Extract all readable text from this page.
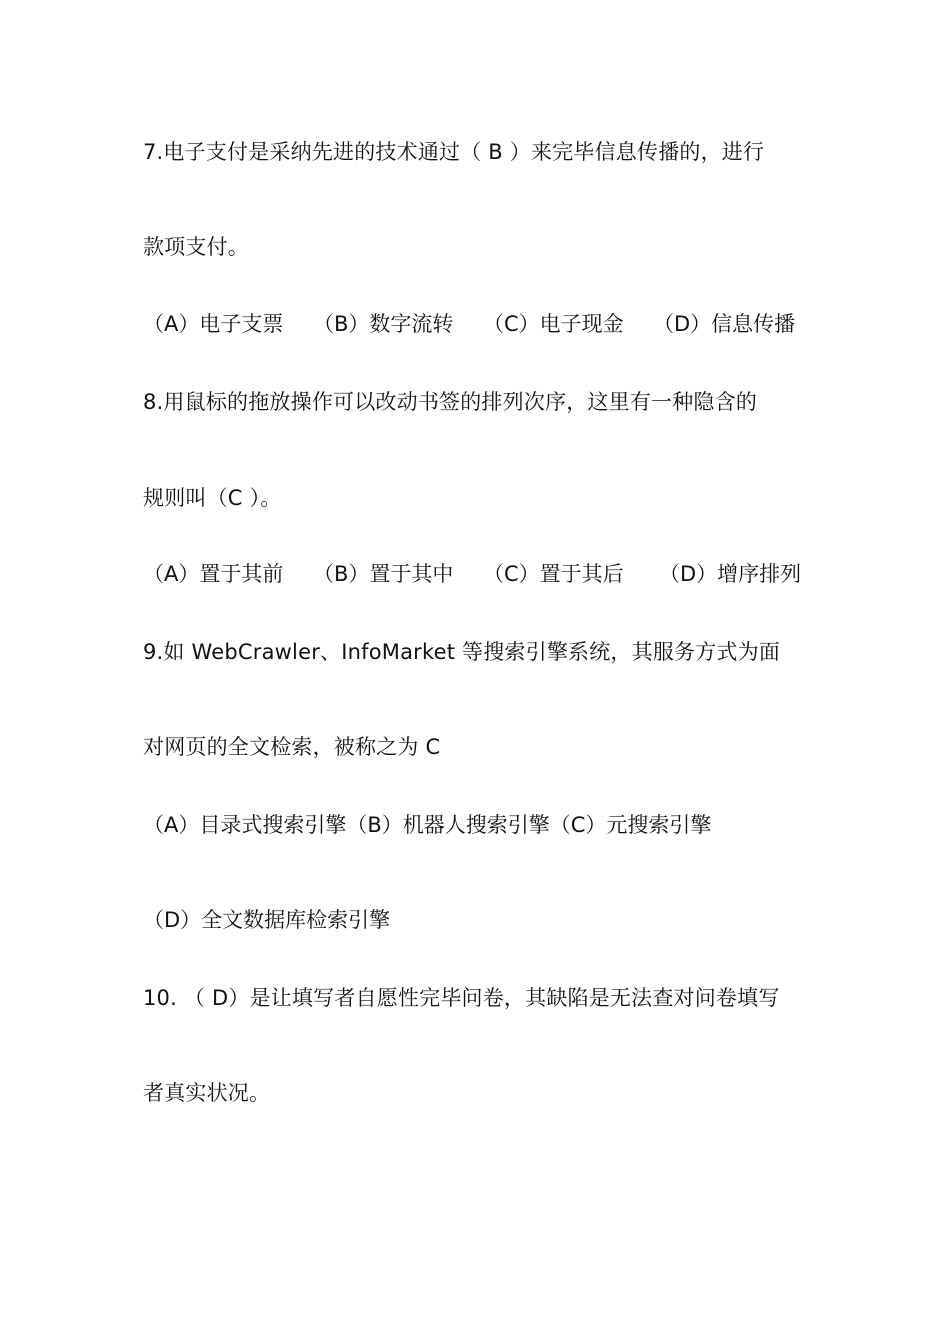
7.电子支付是采纳先进的技术通过（ B ）来完毕信息传播的，进行
款项支付。
（A）电子支票 （B）数字流转 （C）电子现金 （D）信息传播
8.用鼠标的拖放操作可以改动书签的排列次序，这里有一种隐含的
规则叫（C ）。
（A）置于其前 （B）置于其中 （C）置于其后 （D）增序排列
9.如 WebCrawler、InfoMarket 等搜索引擎系统，其服务方式为面
对网页的全文检索，被称之为 C
（A）目录式搜索引擎（B）机器人搜索引擎（C）元搜索引擎
（D）全文数据库检索引擎
10. （ D）是让填写者自愿性完毕问卷，其缺陷是无法查对问卷填写
者真实状况。
